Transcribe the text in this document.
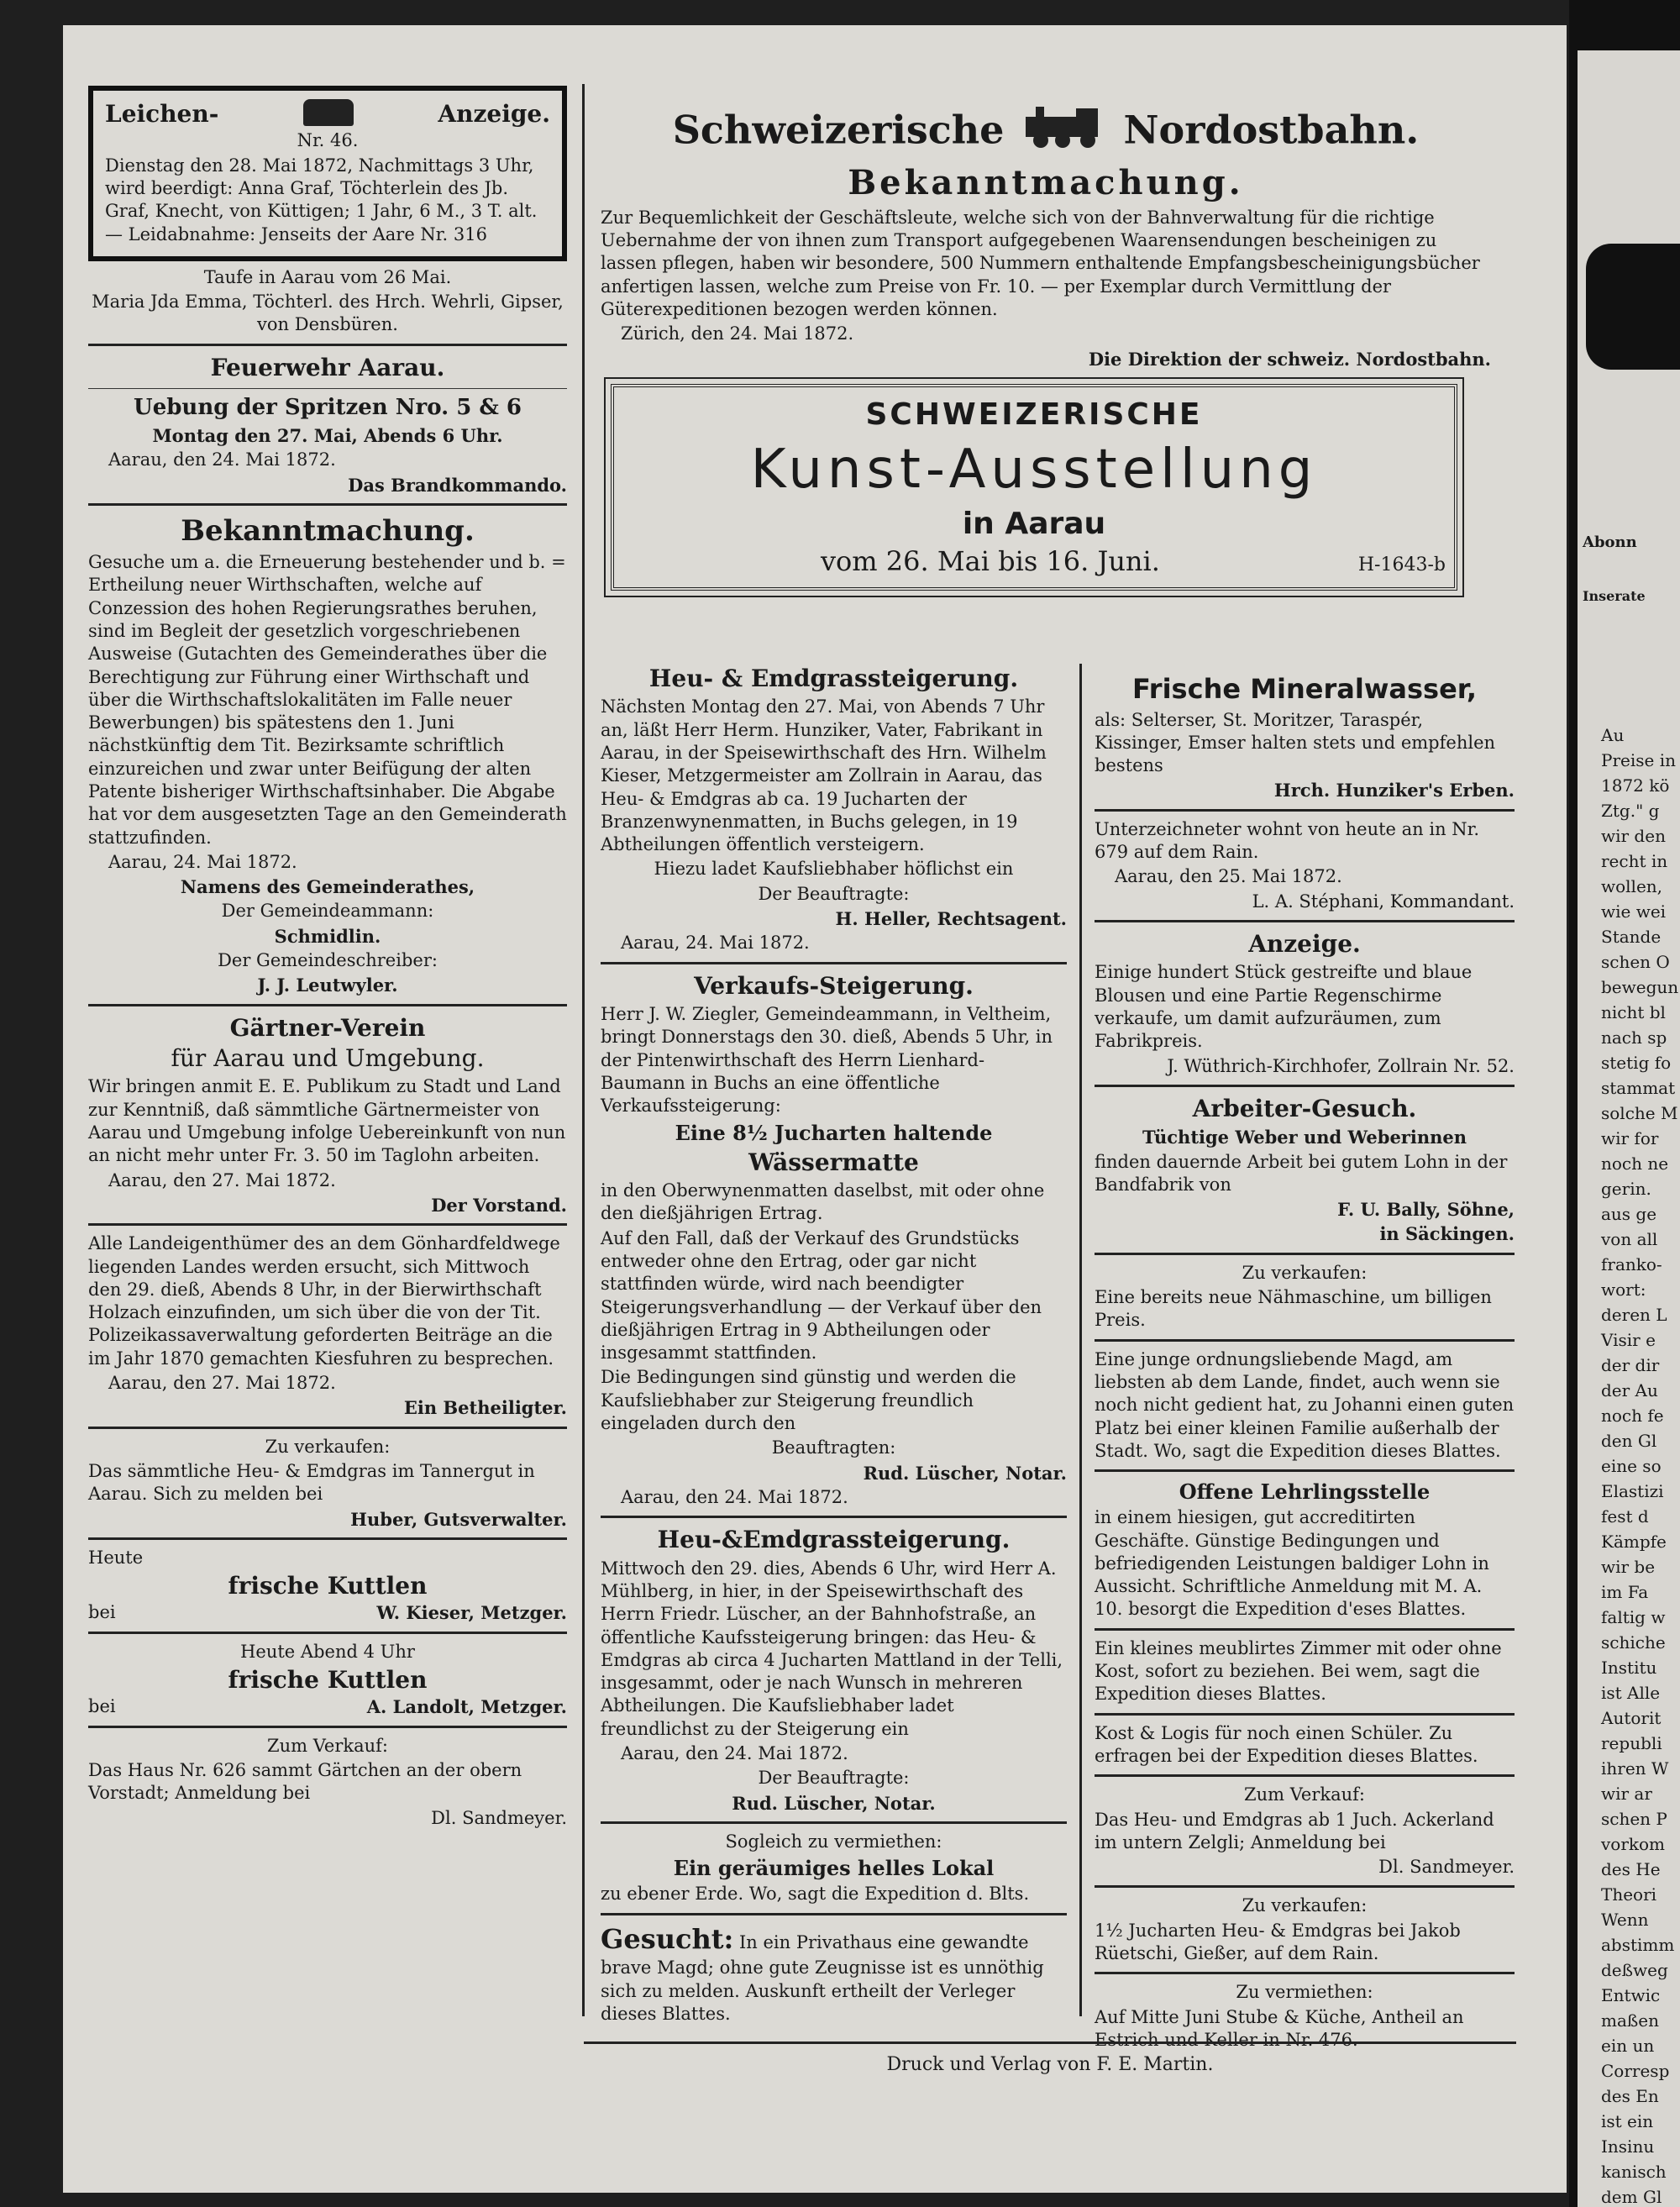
Leichen-	Anzeige.
Nr. 46.

Dienstag den 28. Mai 1872, Nachmittags 3 Uhr, wird beerdigt: Anna Graf, Töchterlein des Jb. Graf, Knecht, von Küttigen; 1 Jahr, 6 M., 3 T. alt. — Leidabnahme: Jenseits der Aare Nr. 316

Taufe in Aarau vom 26 Mai.

Maria Jda Emma, Töchterl. des Hrch. Wehrli, Gipser, von Densbüren.

Feuerwehr Aarau.
Uebung der Spritzen Nro. 5 & 6

Montag den 27. Mai, Abends 6 Uhr.

Aarau, den 24. Mai 1872.

Das Brandkommando.

Bekanntmachung.

Gesuche um a. die Erneuerung bestehender und b. = Ertheilung neuer Wirthschaften, welche auf Conzession des hohen Regierungsrathes beruhen, sind im Begleit der gesetzlich vorgeschriebenen Ausweise (Gutachten des Gemeinderathes über die Berechtigung zur Führung einer Wirthschaft und über die Wirthschaftslokalitäten im Falle neuer Bewerbungen) bis spätestens den 1. Juni nächstkünftig dem Tit. Bezirksamte schriftlich einzureichen und zwar unter Beifügung der alten Patente bisheriger Wirthschaftsinhaber. Die Abgabe hat vor dem ausgesetzten Tage an den Gemeinderath stattzufinden.

Aarau, 24. Mai 1872.

Namens des Gemeinderathes,

Der Gemeindeammann:

Schmidlin.

Der Gemeindeschreiber:

J. J. Leutwyler.

Gärtner-Verein
für Aarau und Umgebung.

Wir bringen anmit E. E. Publikum zu Stadt und Land zur Kenntniß, daß sämmtliche Gärtnermeister von Aarau und Umgebung infolge Uebereinkunft von nun an nicht mehr unter Fr. 3. 50 im Taglohn arbeiten.

Aarau, den 27. Mai 1872.

Der Vorstand.

Alle Landeigenthümer des an dem Gönhardfeldwege liegenden Landes werden ersucht, sich Mittwoch den 29. dieß, Abends 8 Uhr, in der Bierwirthschaft Holzach einzufinden, um sich über die von der Tit. Polizeikassaverwaltung geforderten Beiträge an die im Jahr 1870 gemachten Kiesfuhren zu besprechen.

Aarau, den 27. Mai 1872.

Ein Betheiligter.

Zu verkaufen:

Das sämmtliche Heu- & Emdgras im Tannergut in Aarau. Sich zu melden bei

Huber, Gutsverwalter.

Heute

frische Kuttlen
bei	W. Kieser, Metzger.

Heute Abend 4 Uhr

frische Kuttlen
bei	A. Landolt, Metzger.

Zum Verkauf:

Das Haus Nr. 626 sammt Gärtchen an der obern Vorstadt; Anmeldung bei

Dl. Sandmeyer.

Schweizerische	Nordostbahn.
Bekanntmachung.

Zur Bequemlichkeit der Geschäftsleute, welche sich von der Bahnverwaltung für die richtige Uebernahme der von ihnen zum Transport aufgegebenen Waarensendungen bescheinigen zu lassen pflegen, haben wir besondere, 500 Nummern enthaltende Empfangsbescheinigungsbücher anfertigen lassen, welche zum Preise von Fr. 10. — per Exemplar durch Vermittlung der Güterexpeditionen bezogen werden können.

Zürich, den 24. Mai 1872.

Die Direktion der schweiz. Nordostbahn.

SCHWEIZERISCHE
Kunst-Ausstellung
in Aarau
vom 26. Mai bis 16. Juni.	H-1643-b
Heu- & Emdgrassteigerung.

Nächsten Montag den 27. Mai, von Abends 7 Uhr an, läßt Herr Herm. Hunziker, Vater, Fabrikant in Aarau, in der Speisewirthschaft des Hrn. Wilhelm Kieser, Metzgermeister am Zollrain in Aarau, das Heu- & Emdgras ab ca. 19 Jucharten der Branzenwynenmatten, in Buchs gelegen, in 19 Abtheilungen öffentlich versteigern.

Hiezu ladet Kaufsliebhaber höflichst ein

Der Beauftragte:

H. Heller, Rechtsagent.

Aarau, 24. Mai 1872.

Verkaufs-Steigerung.

Herr J. W. Ziegler, Gemeindeammann, in Veltheim, bringt Donnerstags den 30. dieß, Abends 5 Uhr, in der Pintenwirthschaft des Herrn Lienhard-Baumann in Buchs an eine öffentliche Verkaufssteigerung:

Eine 8½ Jucharten haltende

Wässermatte

in den Oberwynenmatten daselbst, mit oder ohne den dießjährigen Ertrag.

Auf den Fall, daß der Verkauf des Grundstücks entweder ohne den Ertrag, oder gar nicht stattfinden würde, wird nach beendigter Steigerungsverhandlung — der Verkauf über den dießjährigen Ertrag in 9 Abtheilungen oder insgesammt stattfinden.

Die Bedingungen sind günstig und werden die Kaufsliebhaber zur Steigerung freundlich eingeladen durch den

Beauftragten:

Rud. Lüscher, Notar.

Aarau, den 24. Mai 1872.

Heu-&Emdgrassteigerung.

Mittwoch den 29. dies, Abends 6 Uhr, wird Herr A. Mühlberg, in hier, in der Speisewirthschaft des Herrn Friedr. Lüscher, an der Bahnhofstraße, an öffentliche Kaufssteigerung bringen: das Heu- & Emdgras ab circa 4 Jucharten Mattland in der Telli, insgesammt, oder je nach Wunsch in mehreren Abtheilungen. Die Kaufsliebhaber ladet freundlichst zu der Steigerung ein

Aarau, den 24. Mai 1872.

Der Beauftragte:

Rud. Lüscher, Notar.

Sogleich zu vermiethen:

Ein geräumiges helles Lokal

zu ebener Erde. Wo, sagt die Expedition d. Blts.

Gesucht: In ein Privathaus eine gewandte brave Magd; ohne gute Zeugnisse ist es unnöthig sich zu melden. Auskunft ertheilt der Verleger dieses Blattes.

Frische Mineralwasser,

als: Selterser, St. Moritzer, Taraspér, Kissinger, Emser halten stets und empfehlen bestens

Hrch. Hunziker's Erben.

Unterzeichneter wohnt von heute an in Nr. 679 auf dem Rain.

Aarau, den 25. Mai 1872.

L. A. Stéphani, Kommandant.

Anzeige.

Einige hundert Stück gestreifte und blaue Blousen und eine Partie Regenschirme verkaufe, um damit aufzuräumen, zum Fabrikpreis.

J. Wüthrich-Kirchhofer, Zollrain Nr. 52.

Arbeiter-Gesuch.

Tüchtige Weber und Weberinnen

finden dauernde Arbeit bei gutem Lohn in der Bandfabrik von

F. U. Bally, Söhne,

in Säckingen.

Zu verkaufen:

Eine bereits neue Nähmaschine, um billigen Preis.

Eine junge ordnungsliebende Magd, am liebsten ab dem Lande, findet, auch wenn sie noch nicht gedient hat, zu Johanni einen guten Platz bei einer kleinen Familie außerhalb der Stadt. Wo, sagt die Expedition dieses Blattes.

Offene Lehrlingsstelle

in einem hiesigen, gut accreditirten Geschäfte. Günstige Bedingungen und befriedigenden Leistungen baldiger Lohn in Aussicht. Schriftliche Anmeldung mit M. A. 10. besorgt die Expedition d'eses Blattes.

Ein kleines meublirtes Zimmer mit oder ohne Kost, sofort zu beziehen. Bei wem, sagt die Expedition dieses Blattes.

Kost & Logis für noch einen Schüler. Zu erfragen bei der Expedition dieses Blattes.

Zum Verkauf:

Das Heu- und Emdgras ab 1 Juch. Ackerland im untern Zelgli; Anmeldung bei

Dl. Sandmeyer.

Zu verkaufen:

1½ Jucharten Heu- & Emdgras bei Jakob Rüetschi, Gießer, auf dem Rain.

Zu vermiethen:

Auf Mitte Juni Stube & Küche, Antheil an Estrich und Keller in Nr. 476.

Druck und Verlag von F. E. Martin.
Abonn
Inserate
Au
Preise in
1872 kö
Ztg." g
wir den
recht in
wollen,
wie wei
Stande
schen O
bewegun
nicht bl
nach sp
stetig fo
stammat
solche M
wir for
noch ne
gerin.
aus ge
von all
franko-
wort:
deren L
Visir e
der dir
der Au
noch fe
den Gl
eine so
Elastizi
fest d
Kämpfe
wir be
im Fa
faltig w
schiche
Institu
ist Alle
Autorit
republi
ihren W
wir ar
schen P
vorkom
des He
Theori
Wenn
abstimm
deßweg
Entwic
maßen
ein un
Corresp
des En
ist ein
Insinu
kanisch
dem Gl
